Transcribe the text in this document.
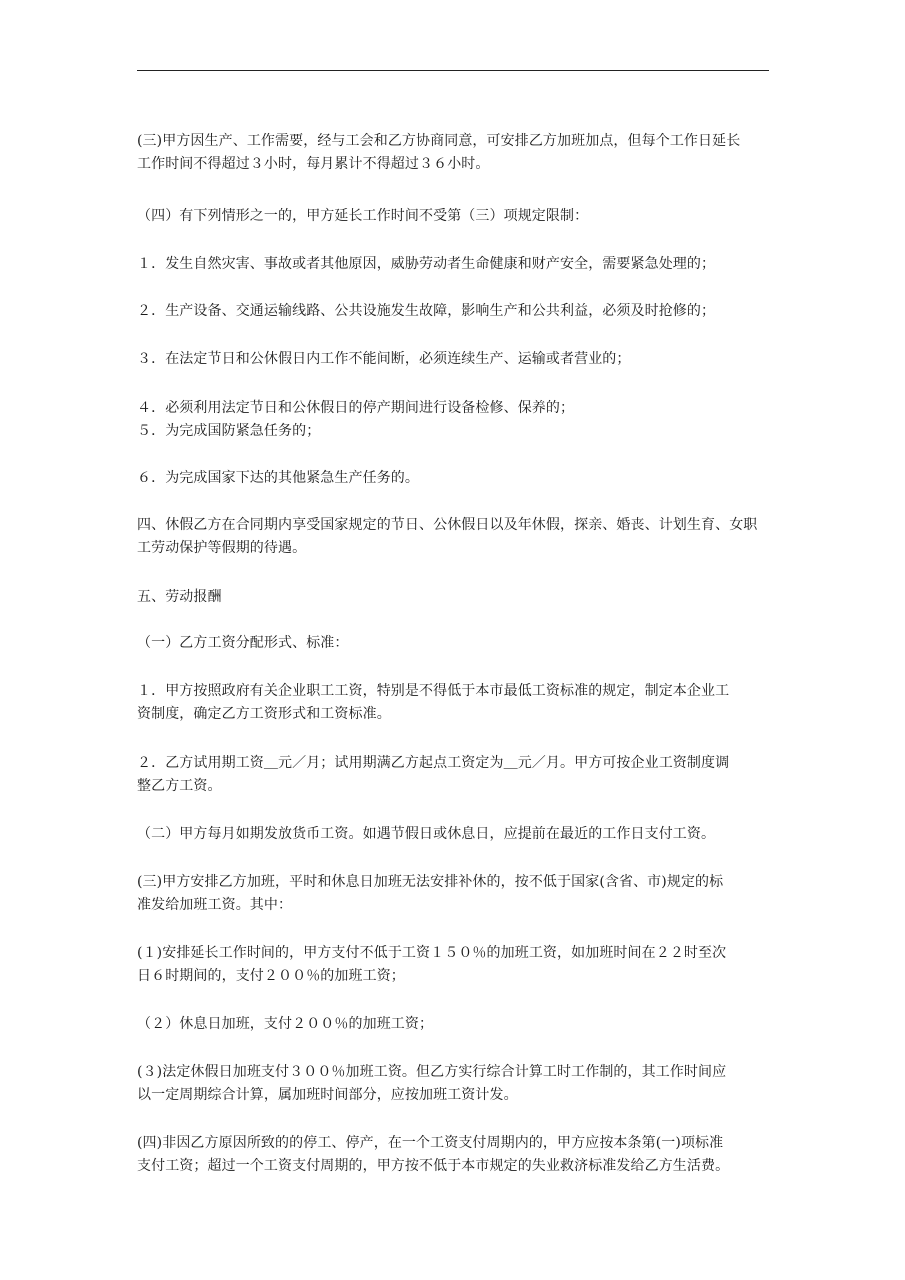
(三)甲方因生产、工作需要，经与工会和乙方协商同意，可安排乙方加班加点，但每个工作日延长
工作时间不得超过３小时，每月累计不得超过３６小时。
（四）有下列情形之一的，甲方延长工作时间不受第（三）项规定限制：
１．发生自然灾害、事故或者其他原因，威胁劳动者生命健康和财产安全，需要紧急处理的；
２．生产设备、交通运输线路、公共设施发生故障，影响生产和公共利益，必须及时抢修的；
３．在法定节日和公休假日内工作不能间断，必须连续生产、运输或者营业的；
４．必须利用法定节日和公休假日的停产期间进行设备检修、保养的；
５．为完成国防紧急任务的；
６．为完成国家下达的其他紧急生产任务的。
四、休假乙方在合同期内享受国家规定的节日、公休假日以及年休假，探亲、婚丧、计划生育、女职
工劳动保护等假期的待遇。
五、劳动报酬
（一）乙方工资分配形式、标准：
１．甲方按照政府有关企业职工工资，特别是不得低于本市最低工资标准的规定，制定本企业工
资制度，确定乙方工资形式和工资标准。
２．乙方试用期工资＿元／月；试用期满乙方起点工资定为＿元／月。甲方可按企业工资制度调
整乙方工资。
（二）甲方每月如期发放货币工资。如遇节假日或休息日，应提前在最近的工作日支付工资。
(三)甲方安排乙方加班，平时和休息日加班无法安排补休的，按不低于国家(含省、市)规定的标
准发给加班工资。其中：
(１)安排延长工作时间的，甲方支付不低于工资１５０％的加班工资，如加班时间在２２时至次
日６时期间的，支付２００％的加班工资；
（２）休息日加班，支付２００％的加班工资；
(３)法定休假日加班支付３００％加班工资。但乙方实行综合计算工时工作制的，其工作时间应
以一定周期综合计算，属加班时间部分，应按加班工资计发。
(四)非因乙方原因所致的的停工、停产，在一个工资支付周期内的，甲方应按本条第(一)项标准
支付工资；超过一个工资支付周期的，甲方按不低于本市规定的失业救济标准发给乙方生活费。
